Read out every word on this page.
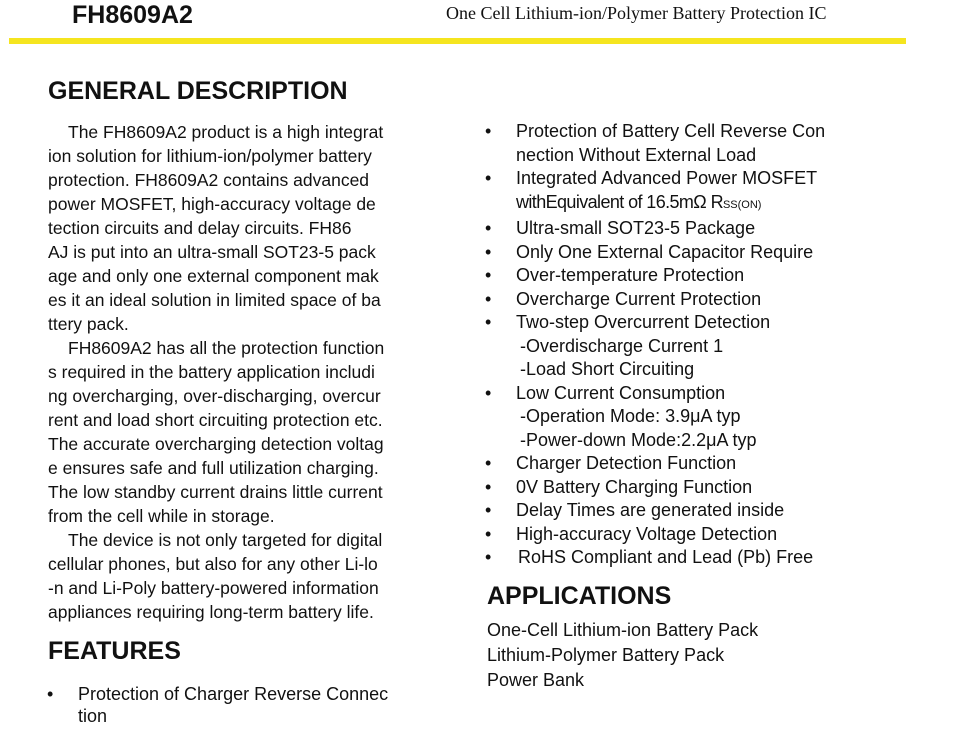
FH8609A2	One Cell Lithium-ion/Polymer Battery Protection IC
GENERAL DESCRIPTION
The FH8609A2 product is a high integrat
ion solution for lithium-ion/polymer battery
protection. FH8609A2 contains advanced
power MOSFET, high-accuracy voltage de
tection circuits and delay circuits. FH86
AJ is put into an ultra-small SOT23-5 pack
age and only one external component mak
es it an ideal solution in limited space of ba
ttery pack.
FH8609A2 has all the protection function
s required in the battery application includi
ng overcharging, over-discharging, overcur
rent and load short circuiting protection etc.
The accurate overcharging detection voltag
e ensures safe and full utilization charging.
The low standby current drains little current
from the cell while in storage.
The device is not only targeted for digital
cellular phones, but also for any other Li-lo
-n and Li-Poly battery-powered information
appliances requiring long-term battery life.
FEATURES
• Protection of Charger Reverse Connec
tion
• Protection of Battery Cell Reverse Con
nection Without External Load
• Integrated Advanced Power MOSFET
withEquivalent of 16.5mΩ RSS(ON)
• Ultra-small SOT23-5 Package
• Only One External Capacitor Require
• Over-temperature Protection
• Overcharge Current Protection
• Two-step Overcurrent Detection
-Overdischarge Current 1
-Load Short Circuiting
• Low Current Consumption
-Operation Mode: 3.9μA typ
-Power-down Mode:2.2μA typ
• Charger Detection Function
• 0V Battery Charging Function
• Delay Times are generated inside
• High-accuracy Voltage Detection
• RoHS Compliant and Lead (Pb) Free
APPLICATIONS
One-Cell Lithium-ion Battery Pack
Lithium-Polymer Battery Pack
Power Bank
